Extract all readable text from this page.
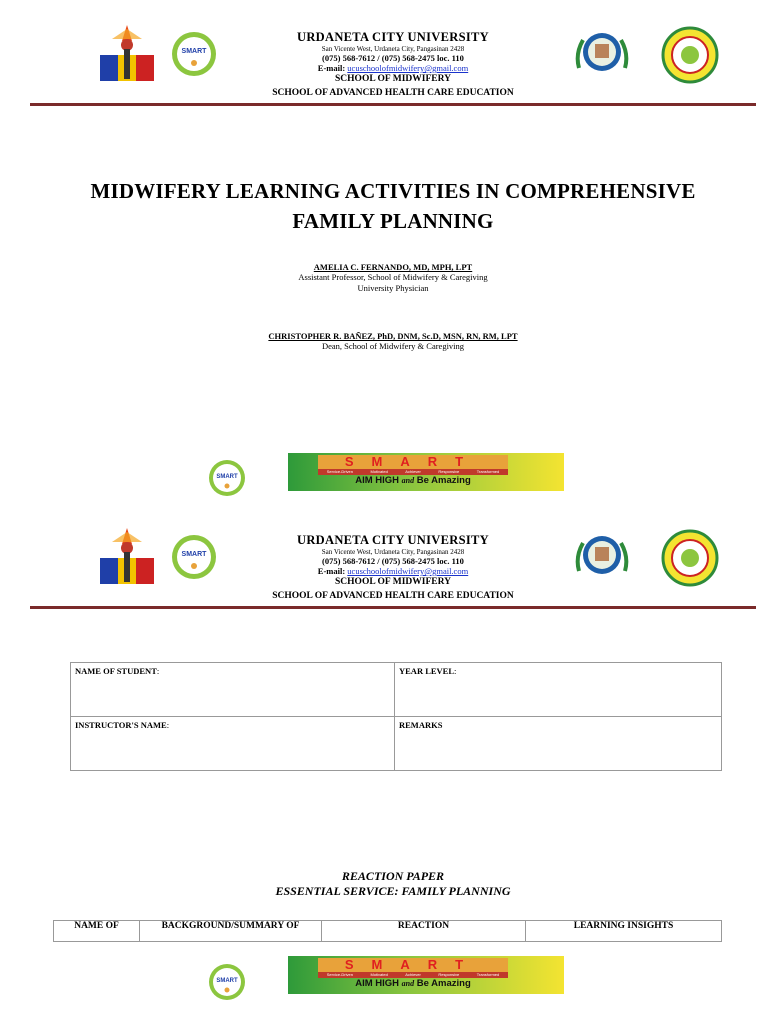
SMART
URDANETA CITY UNIVERSITY
San Vicente West, Urdaneta City, Pangasinan 2428
(075) 568-7612 / (075) 568-2475 loc. 110
E-mail: ucuschoolofmidwifery@gmail.com
SCHOOL OF MIDWIFERY
SCHOOL OF ADVANCED HEALTH CARE EDUCATION
MIDWIFERY LEARNING ACTIVITIES IN COMPREHENSIVE
FAMILY PLANNING
AMELIA C. FERNANDO, MD, MPH, LPT
Assistant Professor, School of Midwifery & Caregiving
University Physician
CHRISTOPHER R. BAÑEZ, PhD, DNM, Sc.D, MSN, RN, RM, LPT
Dean, School of Midwifery & Caregiving
SMART
SMART
Service-Driven	Motivated	Achiever	Responsive	Transformed
AIM HIGH and Be Amazing
SMART
URDANETA CITY UNIVERSITY
San Vicente West, Urdaneta City, Pangasinan 2428
(075) 568-7612 / (075) 568-2475 loc. 110
E-mail: ucuschoolofmidwifery@gmail.com
SCHOOL OF MIDWIFERY
SCHOOL OF ADVANCED HEALTH CARE EDUCATION
NAME OF STUDENT:	YEAR LEVEL:
INSTRUCTOR'S NAME:	REMARKS
REACTION PAPER
ESSENTIAL SERVICE: FAMILY PLANNING
NAME OF	BACKGROUND/SUMMARY OF	REACTION	LEARNING INSIGHTS
SMART
SMART
Service-Driven	Motivated	Achiever	Responsive	Transformed
AIM HIGH and Be Amazing
